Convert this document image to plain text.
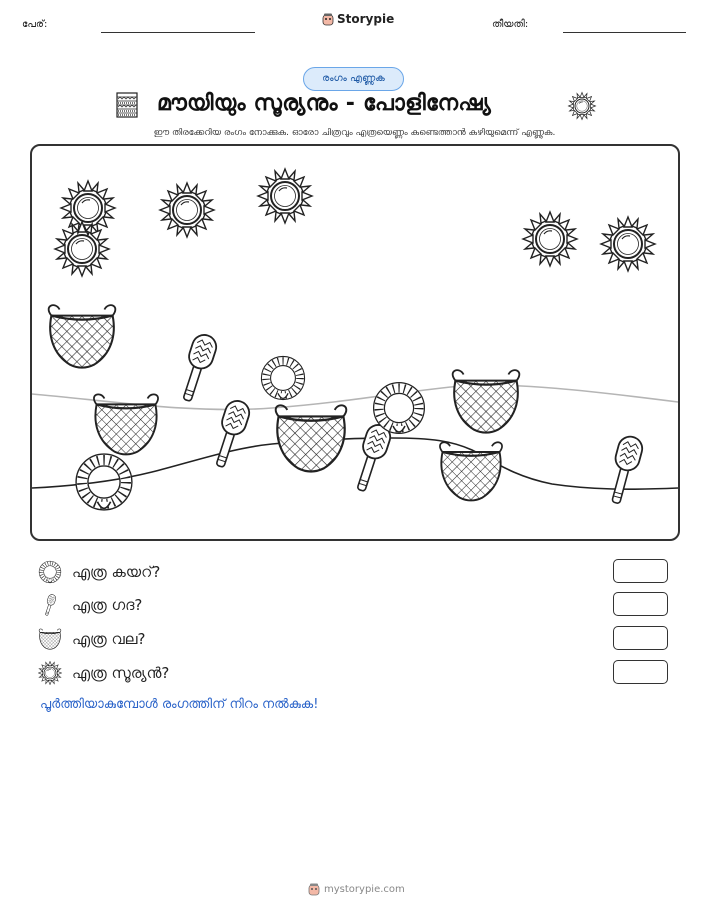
പേര്:	Storypie	തീയതി:
രംഗം എണ്ണുക
മൗയിയും സൂര്യനും - പോളിനേഷ്യ
ഈ തിരക്കേറിയ രംഗം നോക്കുക. ഓരോ ചിത്രവും എത്രയെണ്ണം കണ്ടെത്താൻ കഴിയുമെന്ന് എണ്ണുക.
എത്ര കയറ്?
എത്ര ഗദ?
എത്ര വല?
എത്ര സൂര്യൻ?
പൂർത്തിയാകുമ്പോൾ രംഗത്തിന് നിറം നൽകുക!
mystorypie.com
